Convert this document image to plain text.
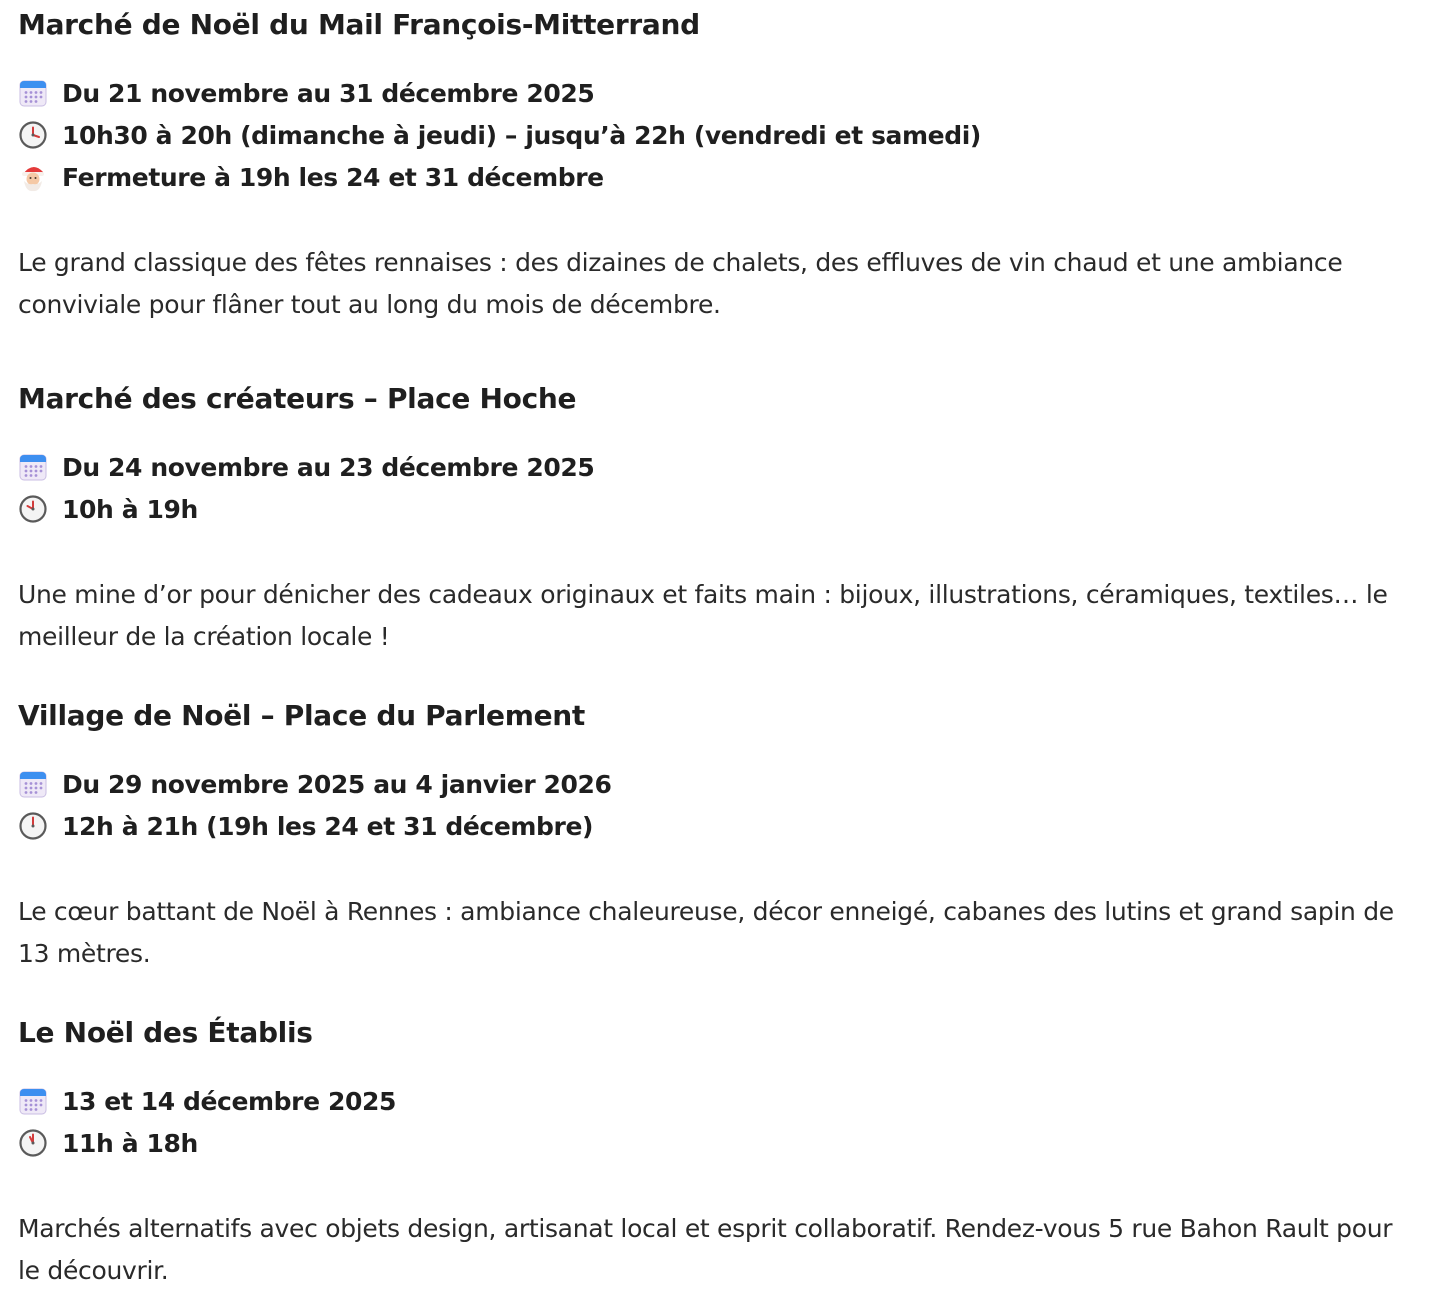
Marché de Noël du Mail François-Mitterrand
Du 21 novembre au 31 décembre 2025
10h30 à 20h (dimanche à jeudi) – jusqu’à 22h (vendredi et samedi)
Fermeture à 19h les 24 et 31 décembre

Le grand classique des fêtes rennaises : des dizaines de chalets, des effluves de vin chaud et une ambiance conviviale pour flâner tout au long du mois de décembre.

Marché des créateurs – Place Hoche
Du 24 novembre au 23 décembre 2025
10h à 19h

Une mine d’or pour dénicher des cadeaux originaux et faits main : bijoux, illustrations, céramiques, textiles… le meilleur de la création locale !

Village de Noël – Place du Parlement
Du 29 novembre 2025 au 4 janvier 2026
12h à 21h (19h les 24 et 31 décembre)

Le cœur battant de Noël à Rennes : ambiance chaleureuse, décor enneigé, cabanes des lutins et grand sapin de 13 mètres.

Le Noël des Établis
13 et 14 décembre 2025
11h à 18h

Marchés alternatifs avec objets design, artisanat local et esprit collaboratif. Rendez-vous 5 rue Bahon Rault pour le découvrir.
